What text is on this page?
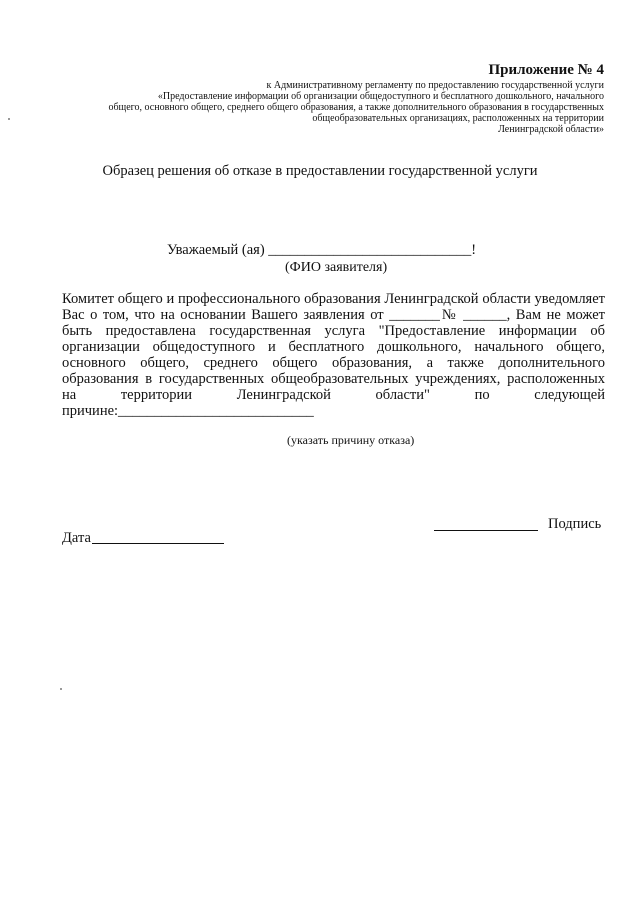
Приложение № 4
к Административному регламенту по предоставлению государственной услуги
«Предоставление информации об организации общедоступного и бесплатного дошкольного, начального
общего, основного общего, среднего общего образования, а также дополнительного образования в государственных
общеобразовательных организациях, расположенных на территории
Ленинградской области»
Образец решения об отказе в предоставлении государственной услуги
Уважаемый (ая) ____________________________!
(ФИО заявителя)
Комитет общего и профессионального образования Ленинградской области уведомляет Вас о том, что на основании Вашего заявления от _______№ ______, Вам не может быть предоставлена государственная услуга "Предоставление информации об организации общедоступного и бесплатного дошкольного, начального общего, основного общего, среднего общего образования, а также дополнительного образования в государственных общеобразовательных учреждениях, расположенных на территории Ленинградской области" по следующей причине:___________________________
(указать причину отказа)
Подпись
Дата
